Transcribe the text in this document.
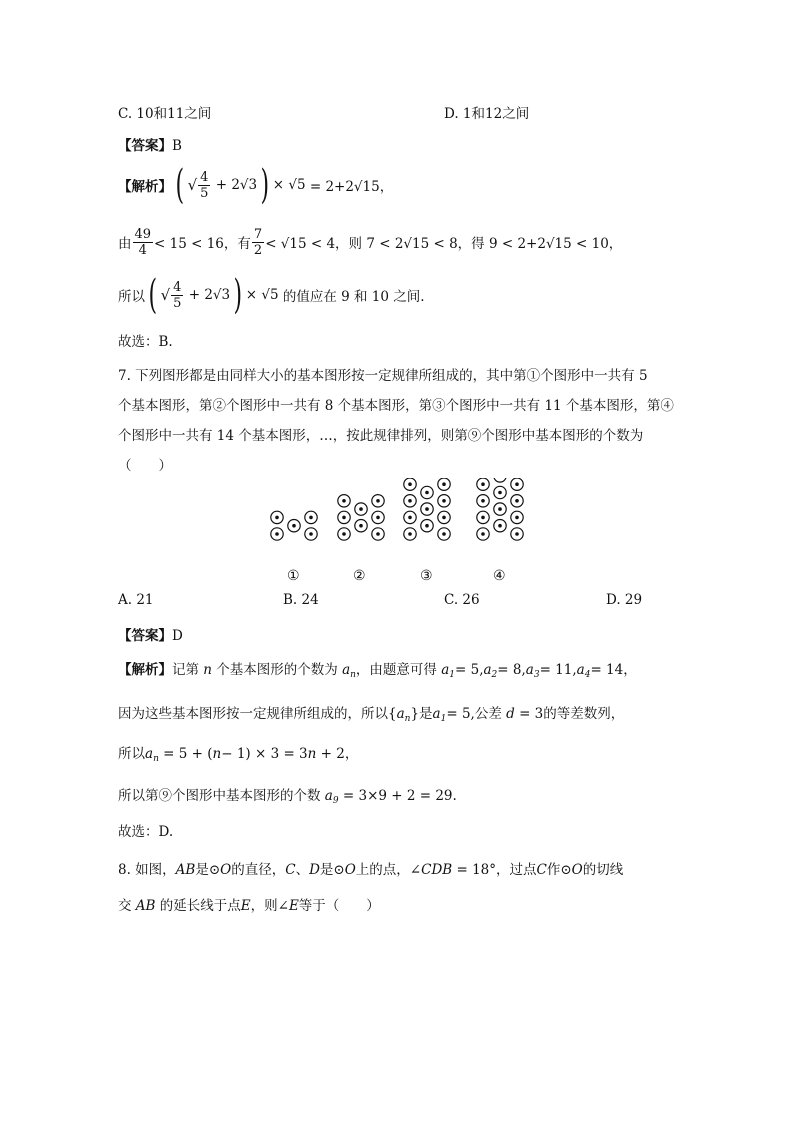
C. 10和11之间	D. 1和12之间
【答案】B
【解析】 ( √ $\frac{4}{5} + 2√3$ ) × √5 = 2+2√15，
由 $\frac{49}{4} < 15 < 16$，有 $\frac{7}{2} < √15 < 4$，则 7 < 2√15 < 8，得 9 < 2+2√15 < 10，
所以 ( √ $\frac{4}{5} + 2√3$ ) × √5 的值应在 9 和 10 之间.
故选：B.
7. 下列图形都是由同样大小的基本图形按一定规律所组成的，其中第①个图形中一共有 5
个基本图形，第②个图形中一共有 8 个基本图形，第③个图形中一共有 11 个基本图形，第④
个图形中一共有 14 个基本图形，…，按此规律排列，则第⑨个图形中基本图形的个数为
（　　）
①	②	③	④
A. 21	B. 24	C. 26	D. 29
【答案】D
【解析】记第 n 个基本图形的个数为 $a_n$，由题意可得 $a_1= 5,a_2= 8,a_3= 11,a_4= 14$，
因为这些基本图形按一定规律所组成的，所以$\{a_n\}$是$a_1= 5$,公差 d = 3的等差数列，
所以$a_n = 5 + (n- 1) \times 3 = 3n + 2$，
所以第⑨个图形中基本图形的个数 $a_9 = 3\times 9 + 2 = 29$.
故选：D.
8. 如图，AB是⊙O的直径，C、D是⊙O上的点，∠CDB = 18°，过点C作⊙O的切线
交 AB 的延长线于点E，则∠E等于（　　）
